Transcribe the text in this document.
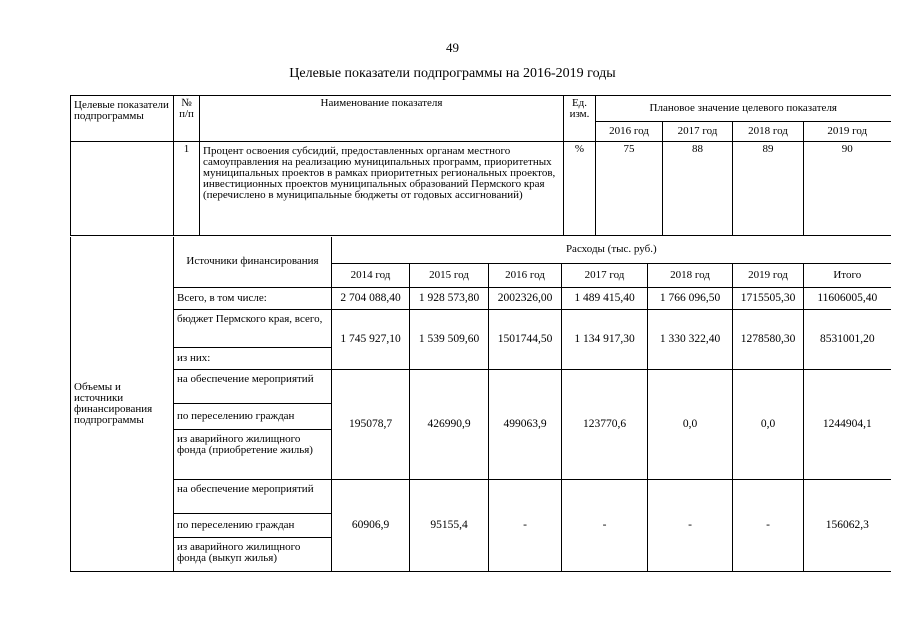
49
Целевые показатели подпрограммы на 2016-2019 годы
Целевые показатели подпрограммы	№ п/п	Наименование показателя	Ед. изм.	Плановое значение целевого показателя			
				2016 год	2017 год	2018 год	2019 год
	1	Процент освоения субсидий, предоставленных органам местного самоуправления на реализацию муниципальных программ, приоритетных муниципальных проектов в рамках приоритетных региональных проектов, инвестиционных проектов муниципальных образований Пермского края (перечислено в муниципальные бюджеты от годовых ассигнований)	%	75	88	89	90
Объемы и источники финансирования подпрограммы	Источники финансирования	Расходы (тыс. руб.)						
		2014 год	2015 год	2016 год	2017 год	2018 год	2019 год	Итого
	Всего, в том числе:	2 704 088,40	1 928 573,80	2002326,00	1 489 415,40	1 766 096,50	1715505,30	11606005,40
	бюджет Пермского края, всего,	1 745 927,10	1 539 509,60	1501744,50	1 134 917,30	1 330 322,40	1278580,30	8531001,20
	из них:							
	на обеспечение мероприятий	195078,7	426990,9	499063,9	123770,6	0,0	0,0	1244904,1
	по переселению граждан							
	из аварийного жилищного фонда (приобретение жилья)							
	на обеспечение мероприятий	60906,9	95155,4	-	-	-	-	156062,3
	по переселению граждан							
	из аварийного жилищного фонда (выкуп жилья)							
